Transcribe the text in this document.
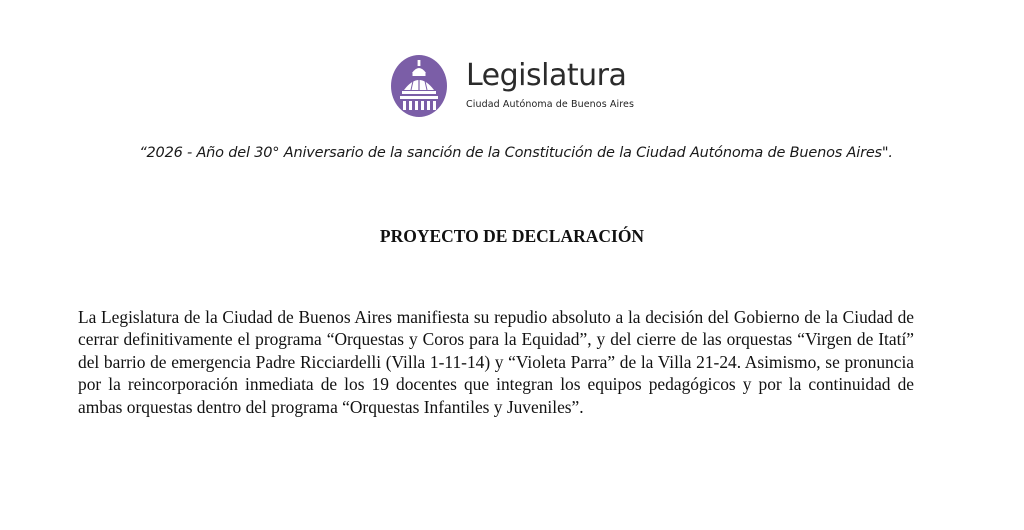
Legislatura
Ciudad Autónoma de Buenos Aires
“2026 - Año del 30° Aniversario de la sanción de la Constitución de la Ciudad Autónoma de Buenos Aires".
PROYECTO DE DECLARACIÓN
La Legislatura de la Ciudad de Buenos Aires manifiesta su repudio absoluto a la decisión del Gobierno de la Ciudad de cerrar definitivamente el programa “Orquestas y Coros para la Equidad”, y del cierre de las orquestas “Virgen de Itatí” del barrio de emergencia Padre Ricciardelli (Villa 1-11-14) y “Violeta Parra” de la Villa 21-24. Asimismo, se pronuncia por la reincorporación inmediata de los 19 docentes que integran los equipos pedagógicos y por la continuidad de ambas orquestas dentro del programa “Orquestas Infantiles y Juveniles”.
